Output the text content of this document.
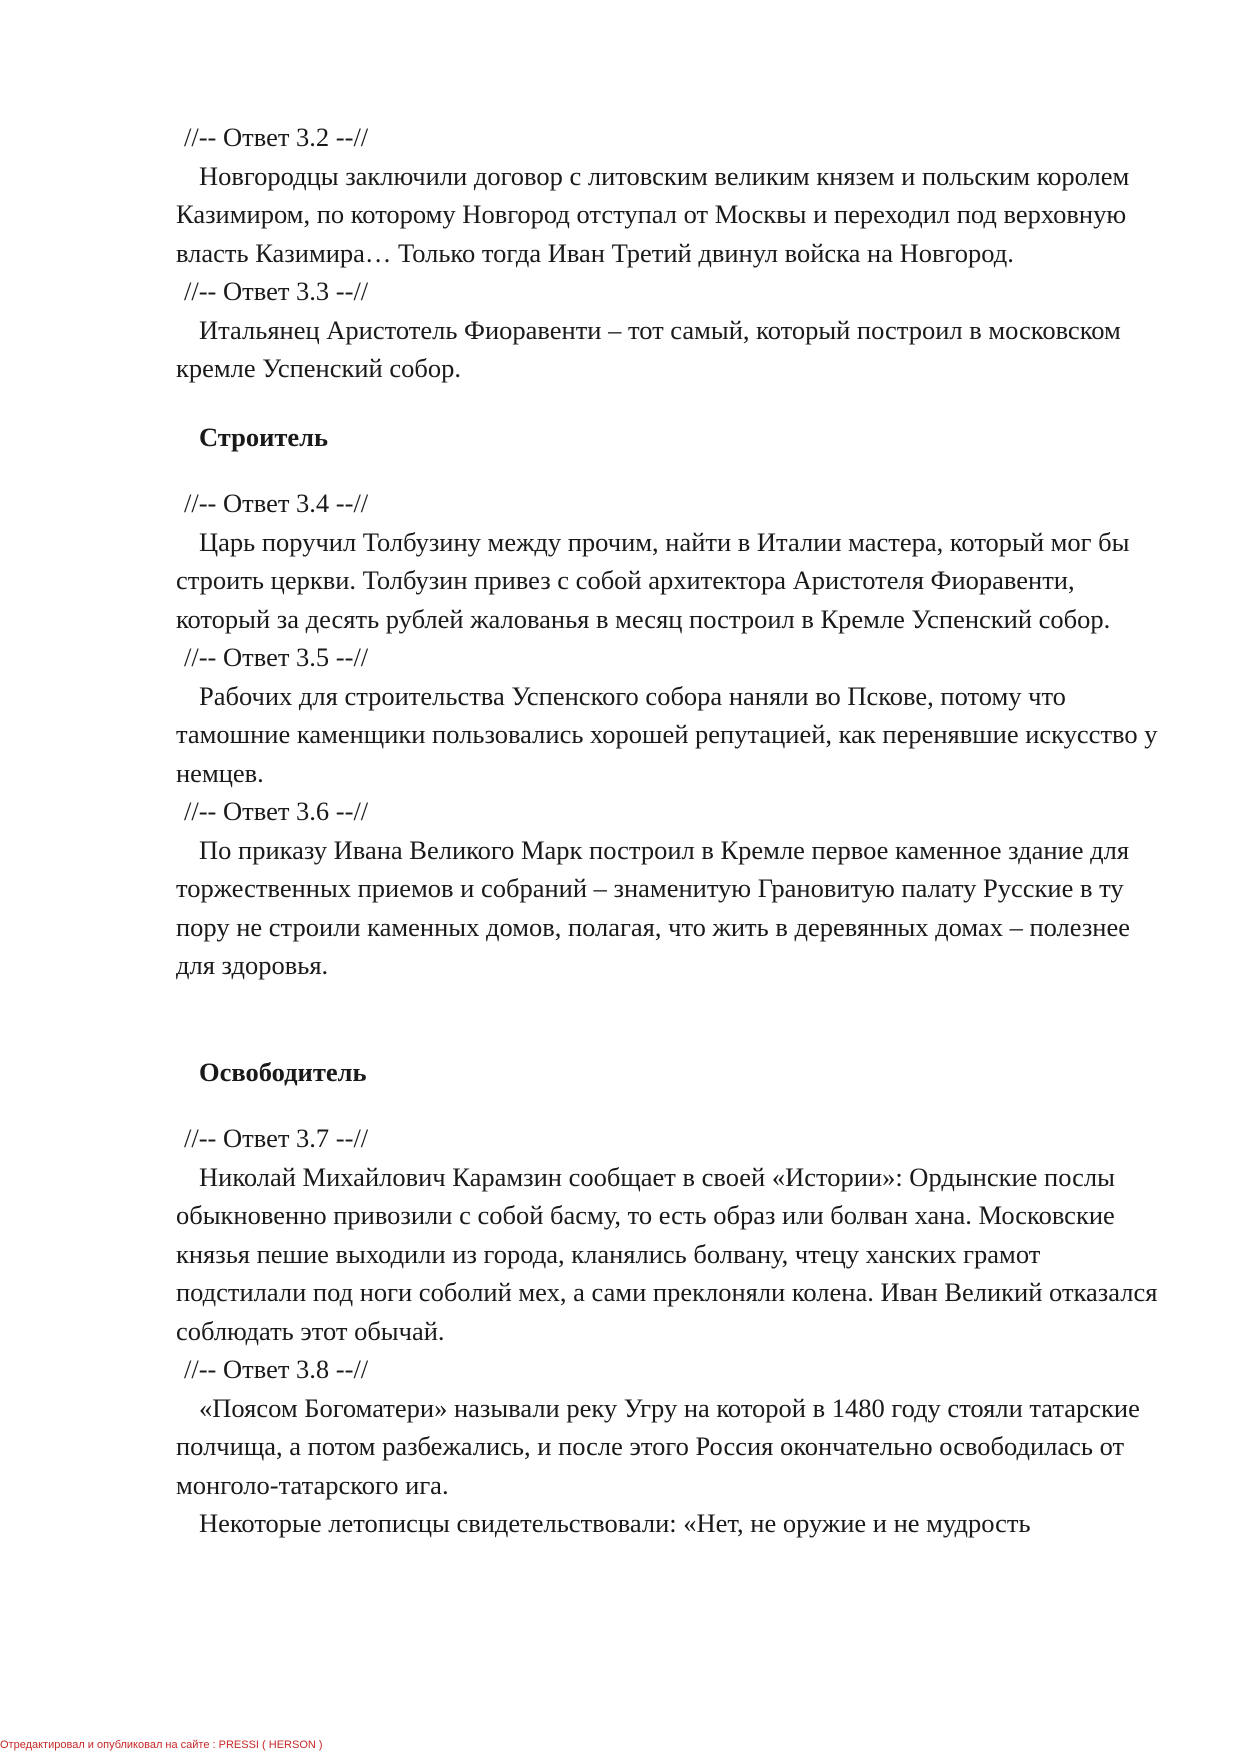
//-- Ответ 3.2 --//

Новгородцы заключили договор с литовским великим князем и польским королем Казимиром, по которому Новгород отступал от Москвы и переходил под верховную власть Казимира… Только тогда Иван Третий двинул войска на Новгород.

//-- Ответ 3.3 --//

Итальянец Аристотель Фиоравенти – тот самый, который построил в московском кремле Успенский собор.

Строитель
//-- Ответ 3.4 --//

Царь поручил Толбузину между прочим, найти в Италии мастера, который мог бы строить церкви. Толбузин привез с собой архитектора Аристотеля Фиоравенти, который за десять рублей жалованья в месяц построил в Кремле Успенский собор.

//-- Ответ 3.5 --//

Рабочих для строительства Успенского собора наняли во Пскове, потому что тамошние каменщики пользовались хорошей репутацией, как перенявшие искусство у немцев.

//-- Ответ 3.6 --//

По приказу Ивана Великого Марк построил в Кремле первое каменное здание для торжественных приемов и собраний – знаменитую Грановитую палату Русские в ту пору не строили каменных домов, полагая, что жить в деревянных домах – полезнее для здоровья.

Освободитель
//-- Ответ 3.7 --//

Николай Михайлович Карамзин сообщает в своей «Истории»: Ордынские послы обыкновенно привозили с собой басму, то есть образ или болван хана. Московские князья пешие выходили из города, кланялись болвану, чтецу ханских грамот подстилали под ноги соболий мех, а сами преклоняли колена. Иван Великий отказался соблюдать этот обычай.

//-- Ответ 3.8 --//

«Поясом Богоматери» называли реку Угру на которой в 1480 году стояли татарские полчища, а потом разбежались, и после этого Россия окончательно освободилась от монголо-татарского ига.

Некоторые летописцы свидетельствовали: «Нет, не оружие и не мудрость

Отредактировал и опубликовал на сайте : PRESSI ( HERSON )
